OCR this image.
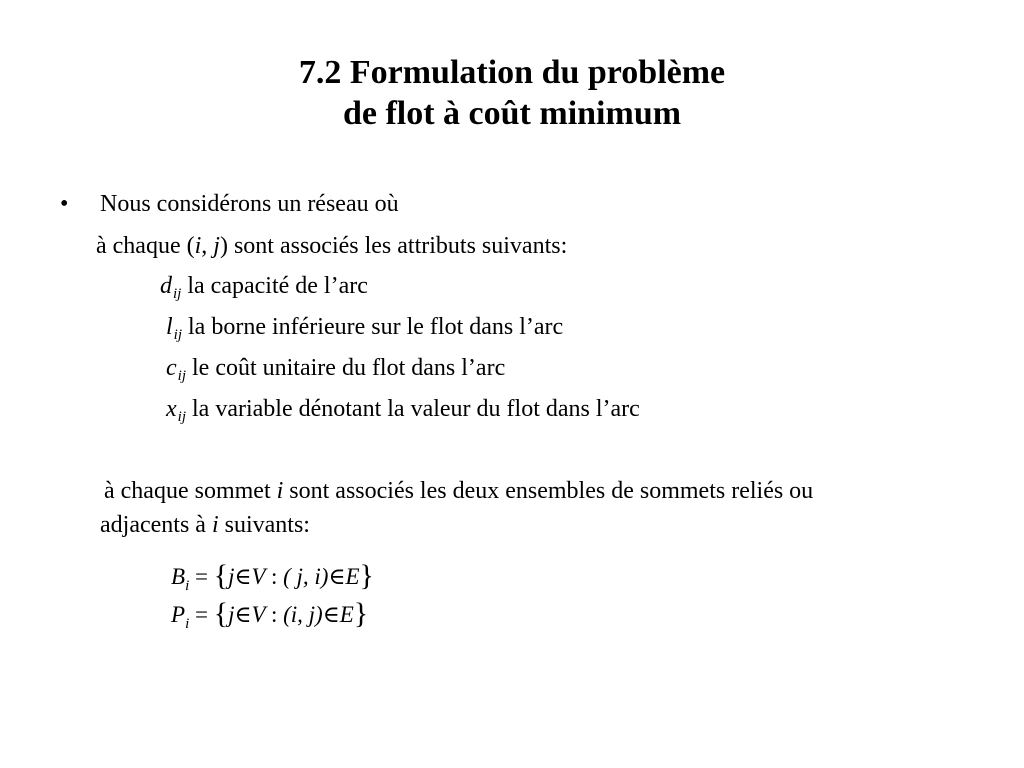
7.2 Formulation du problème
de flot à coût minimum
• Nous considérons un réseau où
à chaque (i, j) sont associés les attributs suivants:
$d_{ij}$ la capacité de l’arc
$l_{ij}$ la borne inférieure sur le flot dans l’arc
$c_{ij}$ le coût unitaire du flot dans l’arc
$x_{ij}$ la variable dénotant la valeur du flot dans l’arc
à chaque sommet i sont associés les deux ensembles de sommets reliés ou
adjacents à i suivants:
$B_i$ = {j∈V : ( j, i)∈E}
$P_i$ = {j∈V : (i, j)∈E}
